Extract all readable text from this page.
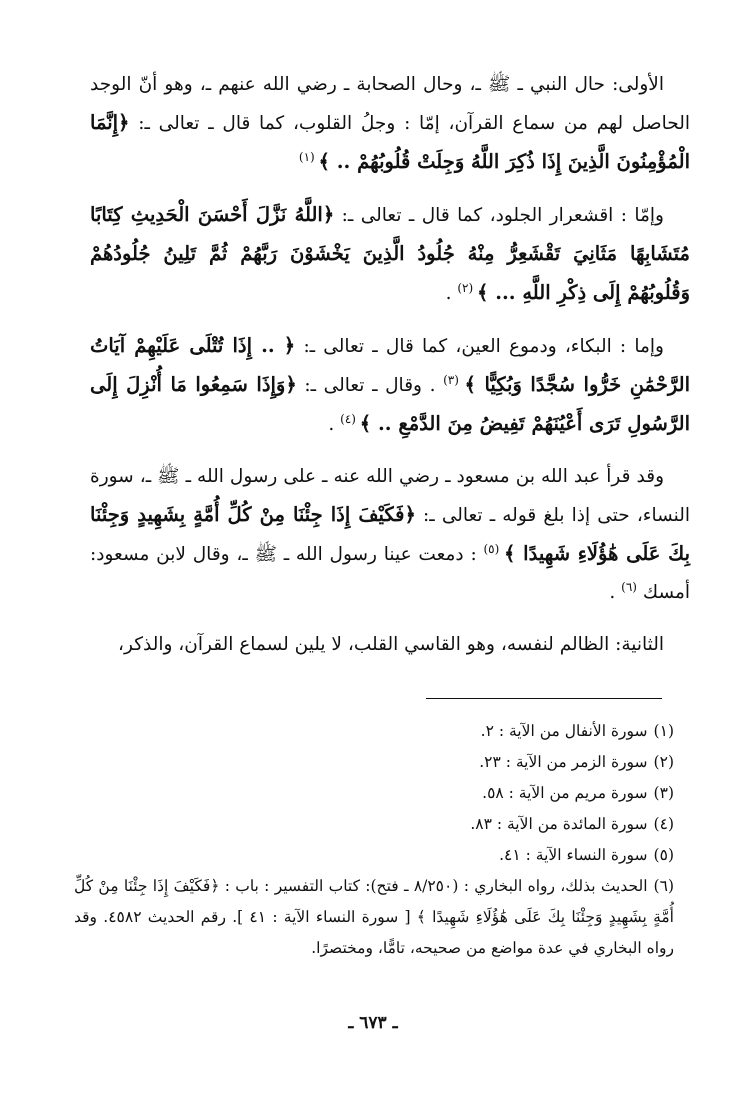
الأولى: حال النبي ـ ﷺ ـ، وحال الصحابة ـ رضي الله عنهم ـ، وهو أنّ الوجد الحاصل لهم من سماع القرآن، إمّا : وجلُ القلوب، كما قال ـ تعالى ـ: ﴿إِنَّمَا الْمُؤْمِنُونَ الَّذِينَ إِذَا ذُكِرَ اللَّهُ وَجِلَتْ قُلُوبُهُمْ .. ﴾ $^{(١)}$

وإمّا : اقشعرار الجلود، كما قال ـ تعالى ـ: ﴿اللَّهُ نَزَّلَ أَحْسَنَ الْحَدِيثِ كِتَابًا مُتَشَابِهًا مَثَانِيَ تَقْشَعِرُّ مِنْهُ جُلُودُ الَّذِينَ يَخْشَوْنَ رَبَّهُمْ ثُمَّ تَلِينُ جُلُودُهُمْ وَقُلُوبُهُمْ إِلَى ذِكْرِ اللَّهِ ... ﴾ $^{(٢)}$ .

وإما : البكاء، ودموع العين، كما قال ـ تعالى ـ: ﴿ .. إِذَا تُتْلَى عَلَيْهِمْ آيَاتُ الرَّحْمَٰنِ خَرُّوا سُجَّدًا وَبُكِيًّا ﴾ $^{(٣)}$ . وقال ـ تعالى ـ: ﴿وَإِذَا سَمِعُوا مَا أُنْزِلَ إِلَى الرَّسُولِ تَرَى أَعْيُنَهُمْ تَفِيضُ مِنَ الدَّمْعِ .. ﴾ $^{(٤)}$ .

وقد قرأ عبد الله بن مسعود ـ رضي الله عنه ـ على رسول الله ـ ﷺ ـ، سورة النساء، حتى إذا بلغ قوله ـ تعالى ـ: ﴿فَكَيْفَ إِذَا جِئْنَا مِنْ كُلِّ أُمَّةٍ بِشَهِيدٍ وَجِئْنَا بِكَ عَلَى هَٰؤُلَاءِ شَهِيدًا ﴾ $^{(٥)}$ : دمعت عينا رسول الله ـ ﷺ ـ، وقال لابن مسعود: أمسك $^{(٦)}$ .

الثانية: الظالم لنفسه، وهو القاسي القلب، لا يلين لسماع القرآن، والذكر،

(١)سورة الأنفال من الآية : ٢.

(٢)سورة الزمر من الآية : ٢٣.

(٣)سورة مريم من الآية : ٥٨.

(٤)سورة المائدة من الآية : ٨٣.

(٥)سورة النساء الآية : ٤١.

(٦)الحديث بذلك، رواه البخاري : (٨/٢٥٠ ـ فتح): كتاب التفسير : باب : ﴿فَكَيْفَ إِذَا جِئْنَا مِنْ كُلِّ أُمَّةٍ بِشَهِيدٍ وَجِئْنَا بِكَ عَلَى هَٰؤُلَاءِ شَهِيدًا ﴾ [ سورة النساء الآية : ٤١ ]. رقم الحديث ٤٥٨٢. وقد رواه البخاري في عدة مواضع من صحيحه، تامًّا، ومختصرًا.

ـ ٦٧٣ ـ
